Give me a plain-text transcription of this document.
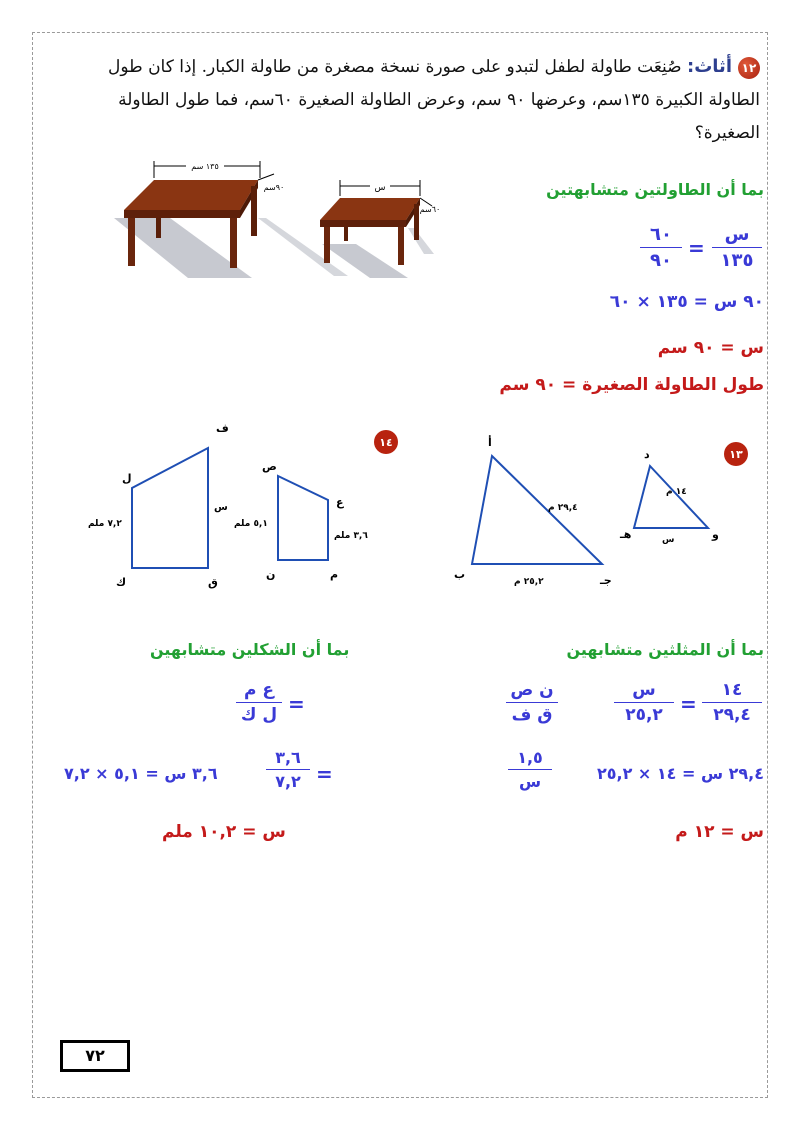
١٢أثاث: صُنِعَت طاولة لطفل لتبدو على صورة نسخة مصغرة من طاولة الكبار. إذا كان طول الطاولة الكبيرة ١٣٥سم، وعرضها ٩٠ سم، وعرض الطاولة الصغيرة ٦٠سم، فما طول الطاولة الصغيرة؟
١٣٥ سم
٩٠سم	س
٦٠سم
بما أن الطاولتين متشابهتين
س
١٣٥
=
٦٠
٩٠
٩٠ س = ١٣٥ × ٦٠
س = ٩٠ سم
طول الطاولة الصغيرة = ٩٠ سم
١٤
ف
ل
ك	ق
٧,٢ ملم
س
ص
ع
م
ن
٥,١ ملم
٣,٦ ملم
١٣
أ
ب	جـ
٢٩,٤ م
٢٥,٢ م
د
هـ	و
١٤ م
س
بما أن المثلثين متشابهين
١٤
٢٩,٤
=
س
٢٥,٢
ن ص
ق ف
٢٩,٤ س = ١٤ × ٢٥,٢
١,٥
س
س = ١٢ م
بما أن الشكلين متشابهين
=
ع م
ل ك
=
٣,٦
٧,٢
٣,٦ س = ٥,١ × ٧,٢
س = ١٠,٢ ملم
٧٢
